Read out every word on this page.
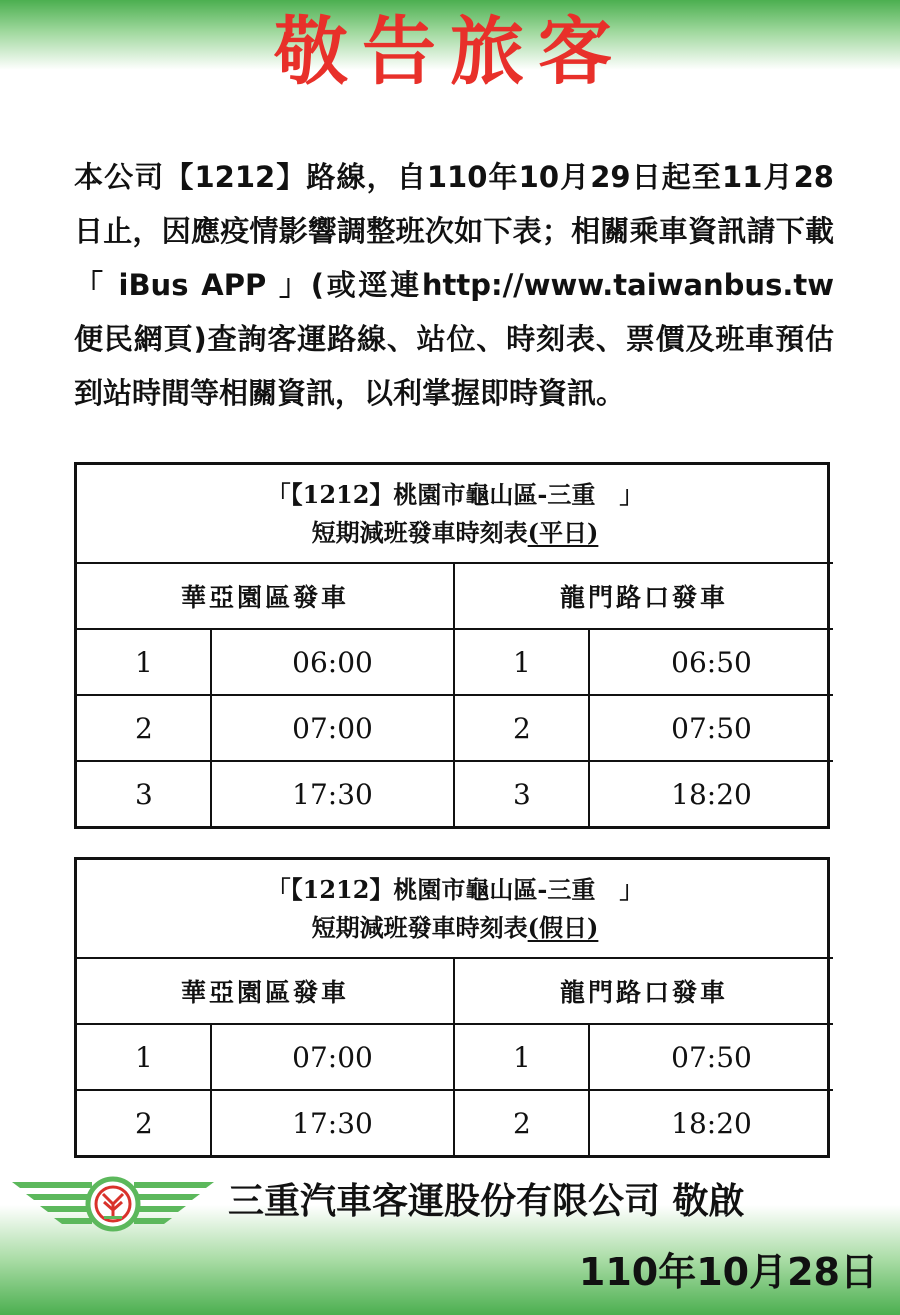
敬告旅客
本公司【1212】路線，自110年10月29日起至11月28日止，因應疫情影響調整班次如下表；相關乘車資訊請下載「 iBus APP 」(或逕連http://www.taiwanbus.tw便民網頁)查詢客運路線、站位、時刻表、票價及班車預估到站時間等相關資訊，以利掌握即時資訊。
「【1212】桃園市龜山區-三重　」
短期減班發車時刻表(平日)			

華亞園區發車		龍門路口發車	
1	06:00	1	06:50
2	07:00	2	07:50
3	17:30	3	18:20
「【1212】桃園市龜山區-三重　」
短期減班發車時刻表(假日)			

華亞園區發車		龍門路口發車	
1	07:00	1	07:50
2	17:30	2	18:20
三重汽車客運股份有限公司 敬啟
110年10月28日
